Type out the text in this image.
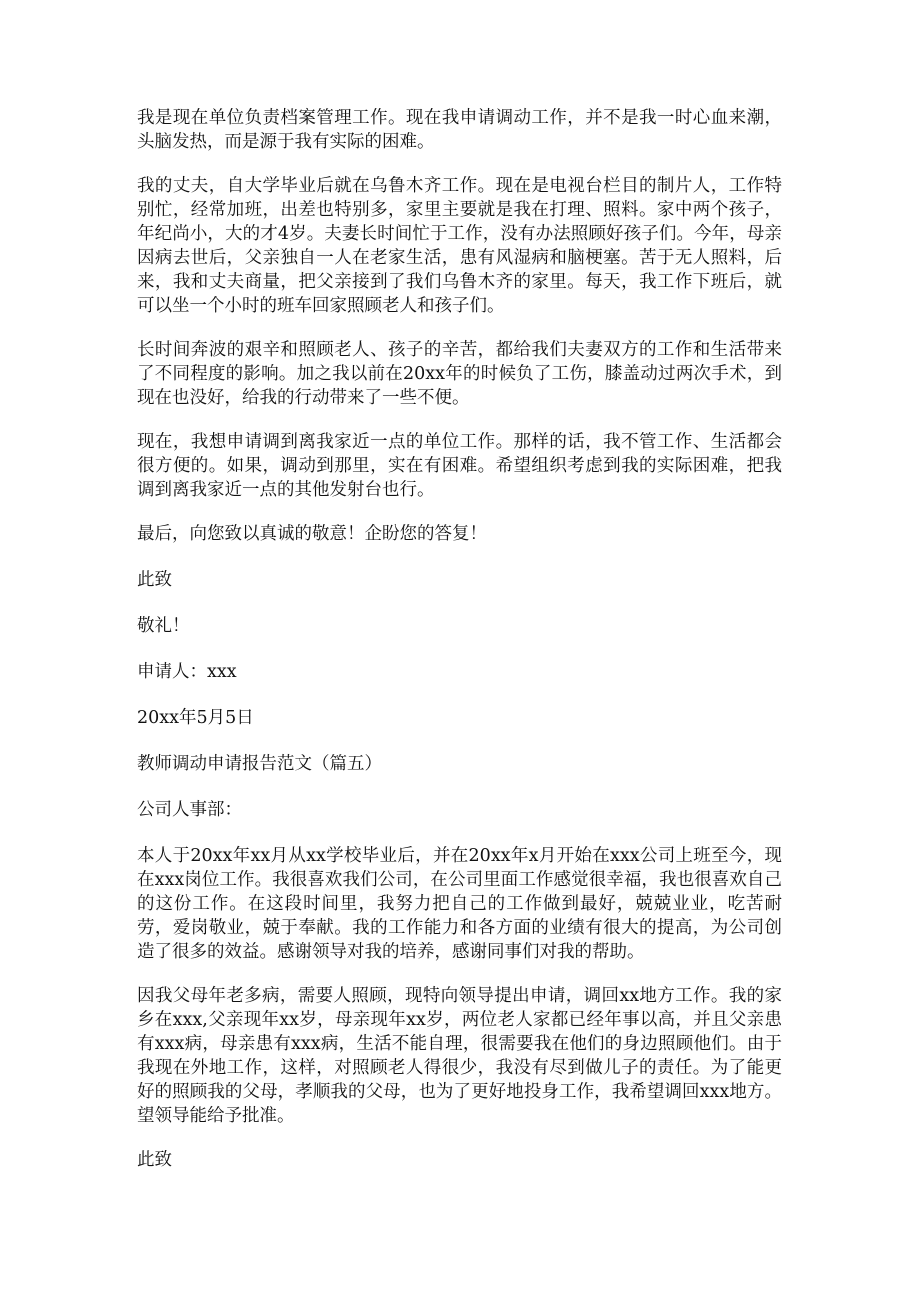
我是现在单位负责档案管理工作。现在我申请调动工作，并不是我一时心血来潮，头脑发热，而是源于我有实际的困难。

我的丈夫，自大学毕业后就在乌鲁木齐工作。现在是电视台栏目的制片人，工作特别忙，经常加班，出差也特别多，家里主要就是我在打理、照料。家中两个孩子，年纪尚小，大的才4岁。夫妻长时间忙于工作，没有办法照顾好孩子们。今年，母亲因病去世后，父亲独自一人在老家生活，患有风湿病和脑梗塞。苦于无人照料，后来，我和丈夫商量，把父亲接到了我们乌鲁木齐的家里。每天，我工作下班后，就可以坐一个小时的班车回家照顾老人和孩子们。

长时间奔波的艰辛和照顾老人、孩子的辛苦，都给我们夫妻双方的工作和生活带来了不同程度的影响。加之我以前在20xx年的时候负了工伤，膝盖动过两次手术，到现在也没好，给我的行动带来了一些不便。

现在，我想申请调到离我家近一点的单位工作。那样的话，我不管工作、生活都会很方便的。如果，调动到那里，实在有困难。希望组织考虑到我的实际困难，把我调到离我家近一点的其他发射台也行。

最后，向您致以真诚的敬意！企盼您的答复！

此致

敬礼！

申请人：xxx

20xx年5月5日

教师调动申请报告范文（篇五）

公司人事部：

本人于20xx年xx月从xx学校毕业后，并在20xx年x月开始在xxx公司上班至今，现在xxx岗位工作。我很喜欢我们公司，在公司里面工作感觉很幸福，我也很喜欢自己的这份工作。在这段时间里，我努力把自己的工作做到最好，兢兢业业，吃苦耐劳，爱岗敬业，兢于奉献。我的工作能力和各方面的业绩有很大的提高，为公司创造了很多的效益。感谢领导对我的培养，感谢同事们对我的帮助。

因我父母年老多病，需要人照顾，现特向领导提出申请，调回xx地方工作。我的家乡在xxx,父亲现年xx岁，母亲现年xx岁，两位老人家都已经年事以高，并且父亲患有xxx病，母亲患有xxx病，生活不能自理，很需要我在他们的身边照顾他们。由于我现在外地工作，这样，对照顾老人得很少，我没有尽到做儿子的责任。为了能更好的照顾我的父母，孝顺我的父母，也为了更好地投身工作，我希望调回xxx地方。望领导能给予批准。

此致
